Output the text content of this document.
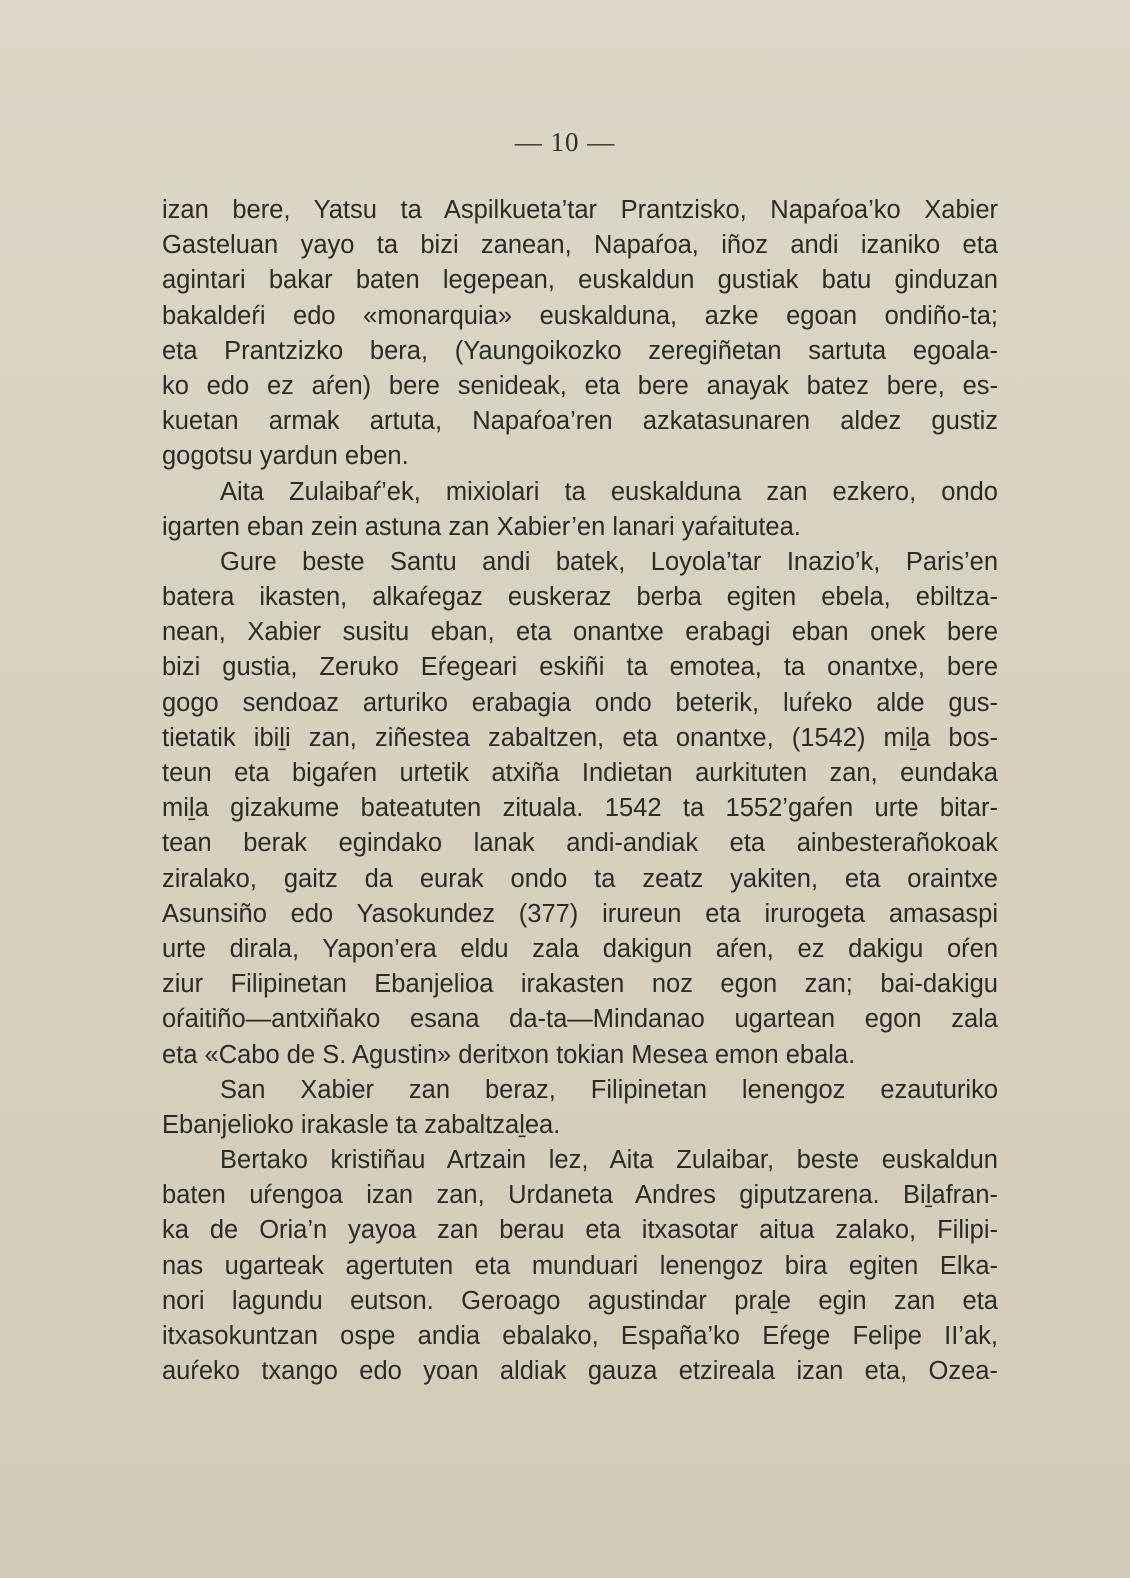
— 10 —
izan bere, Yatsu ta Aspilkueta’tar Prantzisko, Napaŕoa’ko Xabier
Gasteluan yayo ta bizi zanean, Napaŕoa, iñoz andi izaniko eta
agintari bakar baten legepean, euskaldun gustiak batu ginduzan
bakaldeŕi edo «monarquia» euskalduna, azke egoan ondiño-ta;
eta Prantzizko bera, (Yaungoikozko zeregiñetan sartuta egoala-
ko edo ez aŕen) bere senideak, eta bere anayak batez bere, es-
kuetan armak artuta, Napaŕoa’ren azkatasunaren aldez gustiz
gogotsu yardun eben.
Aita Zulaibaŕ’ek, mixiolari ta euskalduna zan ezkero, ondo
igarten eban zein astuna zan Xabier’en lanari yaŕaitutea.
Gure beste Santu andi batek, Loyola’tar Inazio’k, Paris’en
batera ikasten, alkaŕegaz euskeraz berba egiten ebela, ebiltza-
nean, Xabier susitu eban, eta onantxe erabagi eban onek bere
bizi gustia, Zeruko Eŕegeari eskiñi ta emotea, ta onantxe, bere
gogo sendoaz arturiko erabagia ondo beterik, luŕeko alde gus-
tietatik ibiḻi zan, ziñestea zabaltzen, eta onantxe, (1542) miḻa bos-
teun eta bigaŕen urtetik atxiña Indietan aurkituten zan, eundaka
miḻa gizakume bateatuten zituala. 1542 ta 1552’gaŕen urte bitar-
tean berak egindako lanak andi-andiak eta ainbesterañokoak
ziralako, gaitz da eurak ondo ta zeatz yakiten, eta oraintxe
Asunsiño edo Yasokundez (377) irureun eta irurogeta amasaspi
urte dirala, Yapon’era eldu zala dakigun aŕen, ez dakigu oŕen
ziur Filipinetan Ebanjelioa irakasten noz egon zan; bai-dakigu
oŕaitiño—antxiñako esana da-ta—Mindanao ugartean egon zala
eta «Cabo de S. Agustin» deritxon tokian Mesea emon ebala.
San Xabier zan beraz, Filipinetan lenengoz ezauturiko
Ebanjelioko irakasle ta zabaltzaḻea.
Bertako kristiñau Artzain lez, Aita Zulaibar, beste euskaldun
baten uŕengoa izan zan, Urdaneta Andres giputzarena. Biḻafran-
ka de Oria’n yayoa zan berau eta itxasotar aitua zalako, Filipi-
nas ugarteak agertuten eta munduari lenengoz bira egiten Elka-
nori lagundu eutson. Geroago agustindar praḻe egin zan eta
itxasokuntzan ospe andia ebalako, España’ko Eŕege Felipe II’ak,
auŕeko txango edo yoan aldiak gauza etzireala izan eta, Ozea-
